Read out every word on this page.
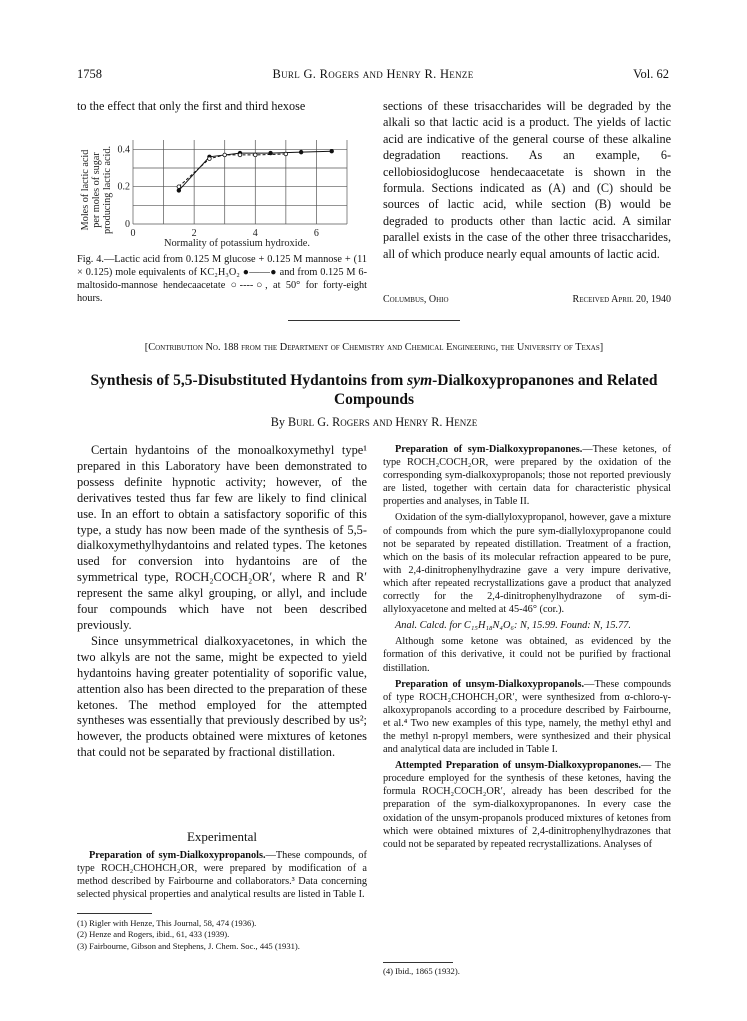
1758	Burl G. Rogers and Henry R. Henze	Vol. 62
to the effect that only the first and third hexose
Moles of lactic acid per moles of sugar producing lactic acid. 0	2	4	6
0
0.2
0.4
Normality of potassium hydroxide.
Fig. 4.—Lactic acid from 0.125 M glucose + 0.125 M mannose + (11 × 0.125) mole equivalents of KC₂H₃O₂ ●——● and from 0.125 M 6-maltosido-mannose hendecaacetate ○----○, at 50° for forty-eight hours.

sections of these trisaccharides will be degraded by the alkali so that lactic acid is a product. The yields of lactic acid are indicative of the general course of these alkaline degradation reactions. As an example, 6-cellobiosidoglucose hendecaacetate is shown in the formula. Sections indicated as (A) and (C) should be sources of lactic acid, while section (B) would be degraded to products other than lactic acid. A similar parallel exists in the case of the other three trisaccharides, all of which produce nearly equal amounts of lactic acid.

Columbus, Ohio	Received April 20, 1940
[Contribution No. 188 from the Department of Chemistry and Chemical Engineering, the University of Texas]
Synthesis of 5,5-Disubstituted Hydantoins from sym-Dialkoxypropanones and Related Compounds
By Burl G. Rogers and Henry R. Henze

Certain hydantoins of the monoalkoxymethyl type¹ prepared in this Laboratory have been demonstrated to possess definite hypnotic activity; however, of the derivatives tested thus far few are likely to find clinical use. In an effort to obtain a satisfactory soporific of this type, a study has now been made of the synthesis of 5,5-dialkoxymethylhydantoins and related types. The ketones used for conversion into hydantoins are of the symmetrical type, ROCH₂COCH₂OR′, where R and R′ represent the same alkyl grouping, or allyl, and include four compounds which have not been described previously.

Since unsymmetrical dialkoxyacetones, in which the two alkyls are not the same, might be expected to yield hydantoins having greater potentiality of soporific value, attention also has been directed to the preparation of these ketones. The method employed for the attempted syntheses was essentially that previously described by us²; however, the products obtained were mixtures of ketones that could not be separated by fractional distillation.

Experimental

Preparation of sym-Dialkoxypropanols.—These compounds, of type ROCH₂CHOHCH₂OR, were prepared by modification of a method described by Fairbourne and collaborators.³ Data concerning selected physical properties and analytical results are listed in Table I.

(1) Rigler with Henze, This Journal, 58, 474 (1936).
(2) Henze and Rogers, ibid., 61, 433 (1939).
(3) Fairbourne, Gibson and Stephens, J. Chem. Soc., 445 (1931).

Preparation of sym-Dialkoxypropanones.—These ketones, of type ROCH₂COCH₂OR, were prepared by the oxidation of the corresponding sym-dialkoxypropanols; those not reported previously are listed, together with certain data for characteristic physical properties and analyses, in Table II.

Oxidation of the sym-diallyloxypropanol, however, gave a mixture of compounds from which the pure sym-diallyloxypropanone could not be separated by repeated distillation. Treatment of a fraction, which on the basis of its molecular refraction appeared to be pure, with 2,4-dinitrophenylhydrazine gave a very impure derivative, which after repeated recrystallizations gave a product that analyzed correctly for the 2,4-dinitrophenylhydrazone of sym-diallyloxyacetone and melted at 45-46° (cor.).

Anal. Calcd. for C₁₅H₁₈N₄O₆: N, 15.99. Found: N, 15.77.

Although some ketone was obtained, as evidenced by the formation of this derivative, it could not be purified by fractional distillation.

Preparation of unsym-Dialkoxypropanols.—These compounds of type ROCH₂CHOHCH₂OR′, were synthesized from α-chloro-γ-alkoxypropanols according to a procedure described by Fairbourne, et al.⁴ Two new examples of this type, namely, the methyl ethyl and the methyl n-propyl members, were synthesized and their physical and analytical data are included in Table I.

Attempted Preparation of unsym-Dialkoxypropanones.— The procedure employed for the synthesis of these ketones, having the formula ROCH₂COCH₂OR′, already has been described for the preparation of the sym-dialkoxypropanones. In every case the oxidation of the unsym-propanols produced mixtures of ketones from which were obtained mixtures of 2,4-dinitrophenylhydrazones that could not be separated by repeated recrystallizations. Analyses of

(4) Ibid., 1865 (1932).
